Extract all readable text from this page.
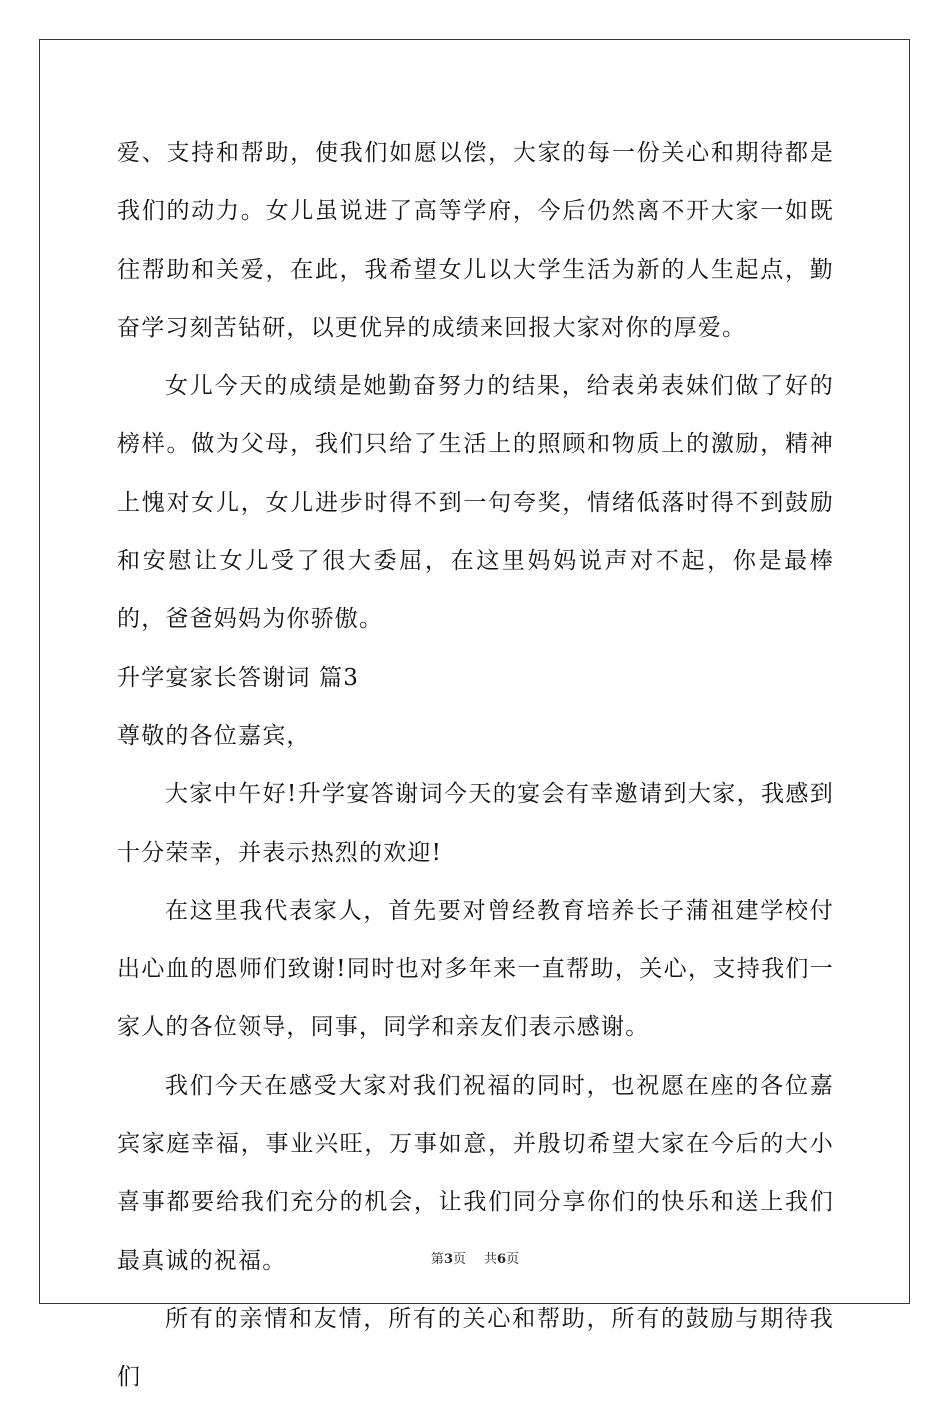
爱、支持和帮助，使我们如愿以偿，大家的每一份关心和期待都是我们的动力。女儿虽说进了高等学府，今后仍然离不开大家一如既往帮助和关爱，在此，我希望女儿以大学生活为新的人生起点，勤奋学习刻苦钻研，以更优异的成绩来回报大家对你的厚爱。

女儿今天的成绩是她勤奋努力的结果，给表弟表妹们做了好的榜样。做为父母，我们只给了生活上的照顾和物质上的激励，精神上愧对女儿，女儿进步时得不到一句夸奖，情绪低落时得不到鼓励和安慰让女儿受了很大委屈，在这里妈妈说声对不起，你是最棒的，爸爸妈妈为你骄傲。

升学宴家长答谢词 篇3

尊敬的各位嘉宾，

大家中午好!升学宴答谢词今天的宴会有幸邀请到大家，我感到十分荣幸，并表示热烈的欢迎!

在这里我代表家人，首先要对曾经教育培养长子蒲祖建学校付出心血的恩师们致谢!同时也对多年来一直帮助，关心，支持我们一家人的各位领导，同事，同学和亲友们表示感谢。

我们今天在感受大家对我们祝福的同时，也祝愿在座的各位嘉宾家庭幸福，事业兴旺，万事如意，并殷切希望大家在今后的大小喜事都要给我们充分的机会，让我们同分享你们的快乐和送上我们最真诚的祝福。

所有的亲情和友情，所有的关心和帮助，所有的鼓励与期待我们

第3页 共6页
